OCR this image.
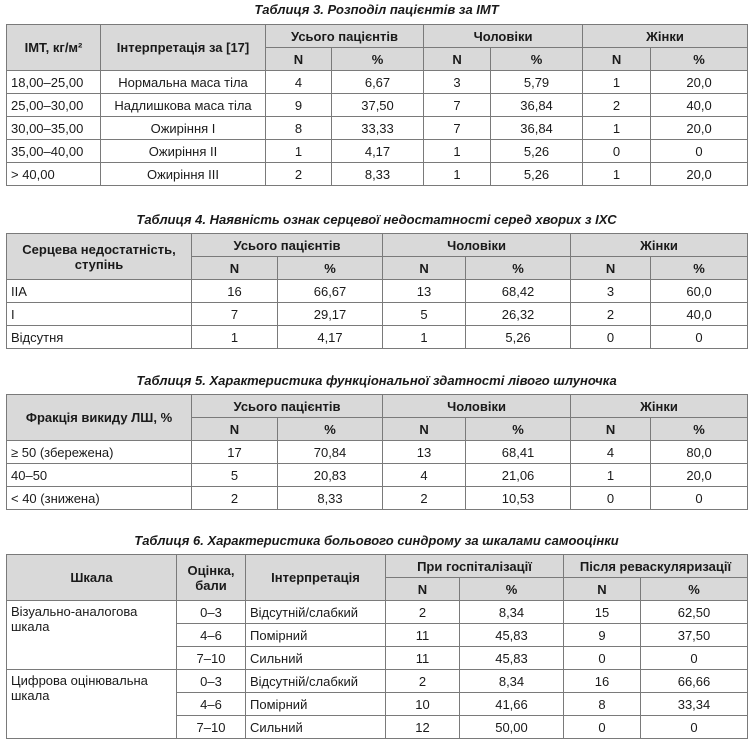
Таблиця 3. Розподіл пацієнтів за ІМТ
ІМТ, кг/м²	Інтерпретація за [17]	Усього пацієнтів		Чоловіки		Жінки	
		N	%	N	%	N	%
18,00–25,00	Нормальна маса тіла	4	6,67	3	5,79	1	20,0
25,00–30,00	Надлишкова маса тіла	9	37,50	7	36,84	2	40,0
30,00–35,00	Ожиріння I	8	33,33	7	36,84	1	20,0
35,00–40,00	Ожиріння II	1	4,17	1	5,26	0	0
> 40,00	Ожиріння III	2	8,33	1	5,26	1	20,0
Таблиця 4. Наявність ознак серцевої недостатності серед хворих з ІХС
Серцева недостатність, ступінь	Усього пацієнтів		Чоловіки		Жінки	
	N	%	N	%	N	%
IIA	16	66,67	13	68,42	3	60,0
I	7	29,17	5	26,32	2	40,0
Відсутня	1	4,17	1	5,26	0	0
Таблиця 5. Характеристика функціональної здатності лівого шлуночка
Фракція викиду ЛШ, %	Усього пацієнтів		Чоловіки		Жінки	
	N	%	N	%	N	%
≥ 50 (збережена)	17	70,84	13	68,41	4	80,0
40–50	5	20,83	4	21,06	1	20,0
< 40 (знижена)	2	8,33	2	10,53	0	0
Таблиця 6. Характеристика больового синдрому за шкалами самооцінки
Шкала	Оцінка, бали	Інтерпретація	При госпіталізації		Після реваскуляризації	
			N	%	N	%
Візуально-аналогова шкала	0–3	Відсутній/слабкий	2	8,34	15	62,50
	4–6	Помірний	11	45,83	9	37,50
	7–10	Сильний	11	45,83	0	0
Цифрова оцінювальна шкала	0–3	Відсутній/слабкий	2	8,34	16	66,66
	4–6	Помірний	10	41,66	8	33,34
	7–10	Сильний	12	50,00	0	0
